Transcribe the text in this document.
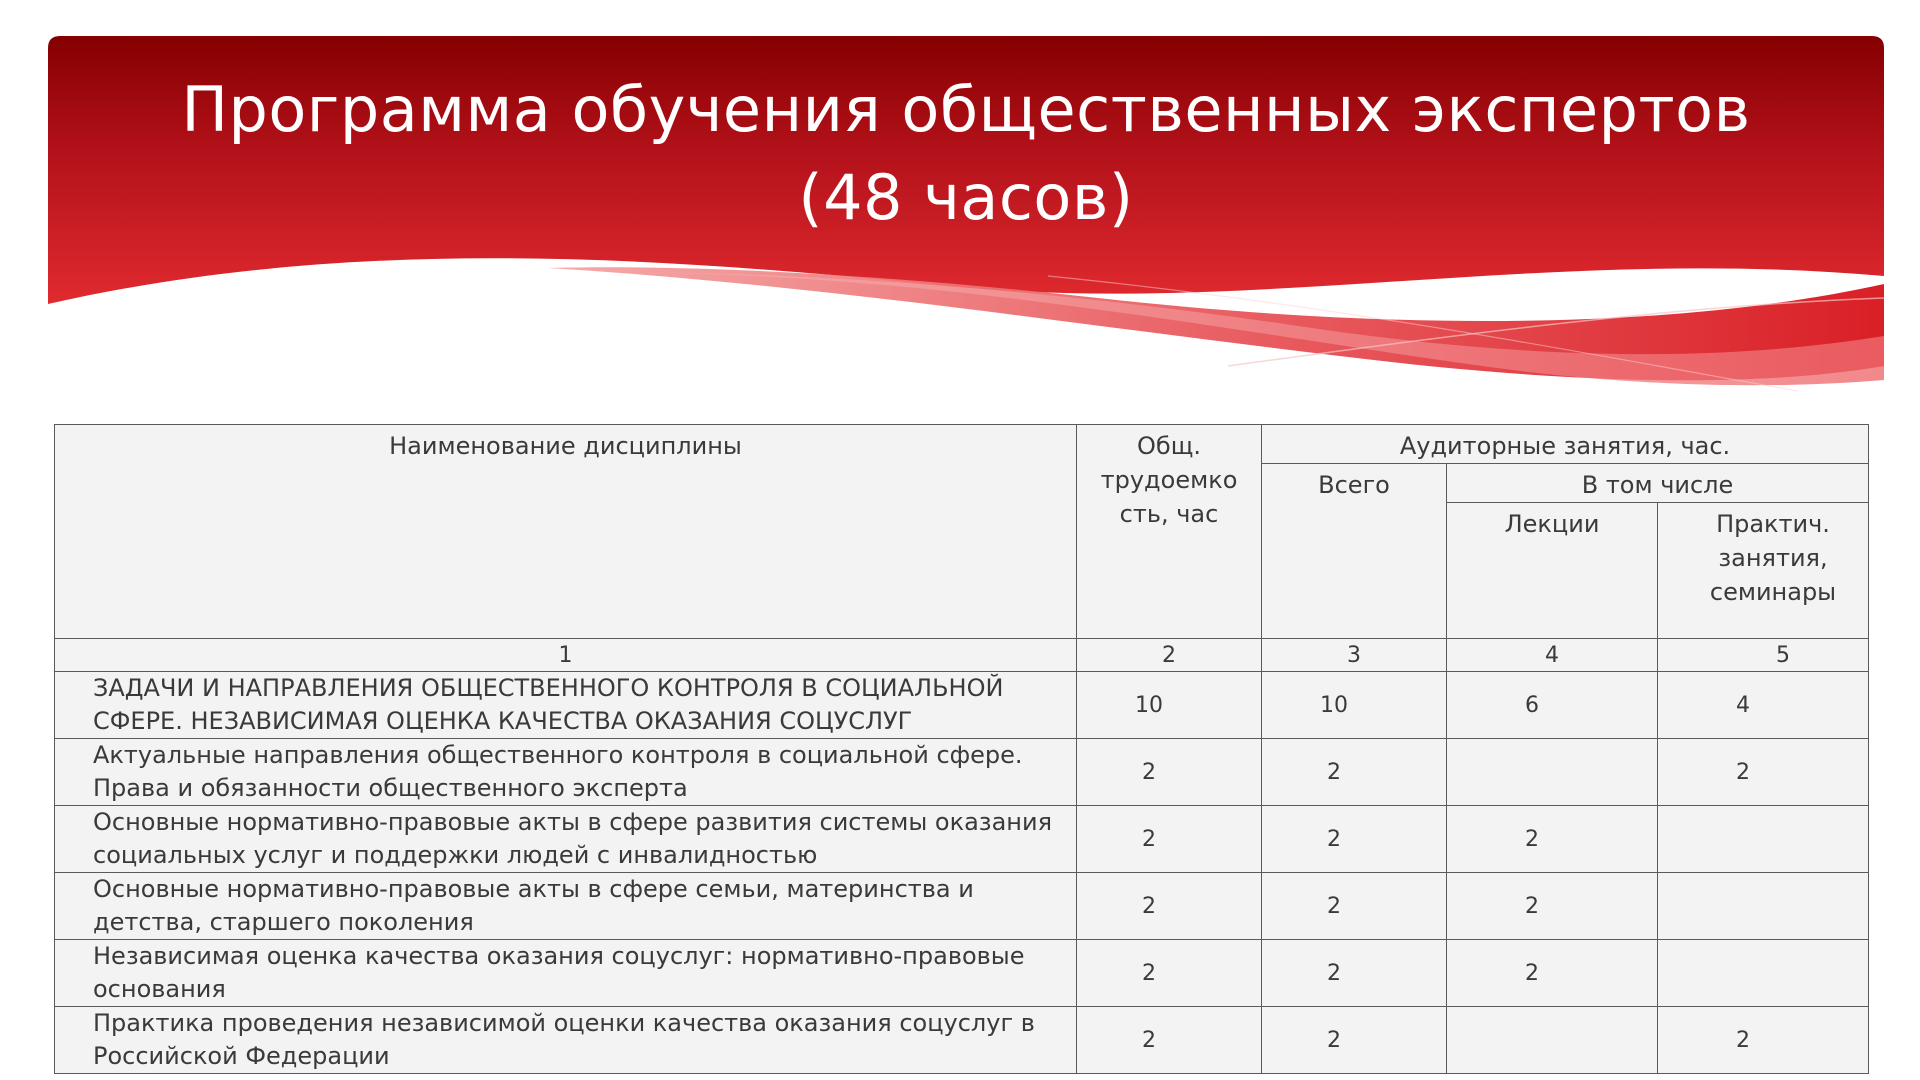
Программа обучения общественных экспертов
(48 часов)
Наименование дисциплины	Общ. трудоемко сть, час	Аудиторные занятия, час.		
		Всего	В том числе	
			Лекции	Практич. занятия, семинары
1	2	3	4	5
ЗАДАЧИ И НАПРАВЛЕНИЯ ОБЩЕСТВЕННОГО КОНТРОЛЯ В СОЦИАЛЬНОЙ СФЕРЕ. НЕЗАВИСИМАЯ ОЦЕНКА КАЧЕСТВА ОКАЗАНИЯ СОЦУСЛУГ	10	10	6	4
Актуальные направления общественного контроля в социальной сфере. Права и обязанности общественного эксперта	2	2		2
Основные нормативно-правовые акты в сфере развития системы оказания социальных услуг и поддержки людей с инвалидностью	2	2	2	
Основные нормативно-правовые акты в сфере семьи, материнства и детства, старшего поколения	2	2	2	
Независимая оценка качества оказания соцуслуг: нормативно-правовые основания	2	2	2	
Практика проведения независимой оценки качества оказания соцуслуг в Российской Федерации	2	2		2
